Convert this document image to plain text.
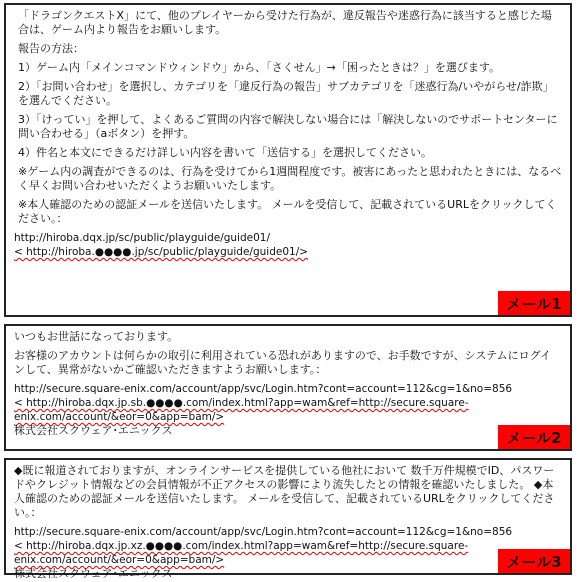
「ドラゴンクエストX」にて、他のプレイヤーから受けた行為が、違反報告や迷惑行為に該当すると感じた場合は、ゲーム内より報告をお願いします。

報告の方法：

1）ゲーム内「メインコマンドウィンドウ」から、「さくせん」→「困ったときは？」を選びます。

2）「お問い合わせ」を選択し、カテゴリを「違反行為の報告」サブカテゴリを「迷惑行為/いやがらせ/詐欺」を選んでください。

3）「けってい」を押して、よくあるご質問の内容で解決しない場合には「解決しないのでサポートセンターに問い合わせる」（aボタン）を押す。

4）件名と本文にできるだけ詳しい内容を書いて「送信する」を選択してください。

※ゲーム内の調査ができるのは、行為を受けてから1週間程度です。被害にあったと思われたときには、なるべく早くお問い合わせいただくようお願いいたします。

※本人確認のための認証メールを送信いたします。 メールを受信して、記載されているURLをクリックしてください。：

http://hiroba.dqx.jp/sc/public/playguide/guide01/
< http://hiroba.●●●●.jp/sc/public/playguide/guide01/>
メール1

いつもお世話になっております。

お客様のアカウントは何らかの取引に利用されている恐れがありますので、お手数ですが、システムにログインして、異常がないかご確認いただきますようお願いします。：

http://secure.square-enix.com/account/app/svc/Login.htm?cont=account=112&cg=1&no=856
< http://hiroba.dqx.jp.sb.●●●●.com/index.html?app=wam&ref=http://secure.square-enix.com/account/&eor=0&app=bam/>
株式会社スクウェア･エニックス	メール2

◆既に報道されておりますが、オンラインサービスを提供している他社において 数千万件規模でID、パスワードやクレジット情報などの会員情報が不正アクセスの影響により流失したとの情報を確認いたしました。 ◆本人確認のための認証メールを送信いたします。 メールを受信して、記載されているURLをクリックしてください。：

http://secure.square-enix.com/account/app/svc/Login.htm?cont=account=112&cg=1&no=856
< http://hiroba.dqx.jp.xz.●●●●.com/index.html?app=wam&ref=http://secure.square-enix.com/account/&eor=0&app=bam/>
株式会社スクウェア･エニックス
メール3
